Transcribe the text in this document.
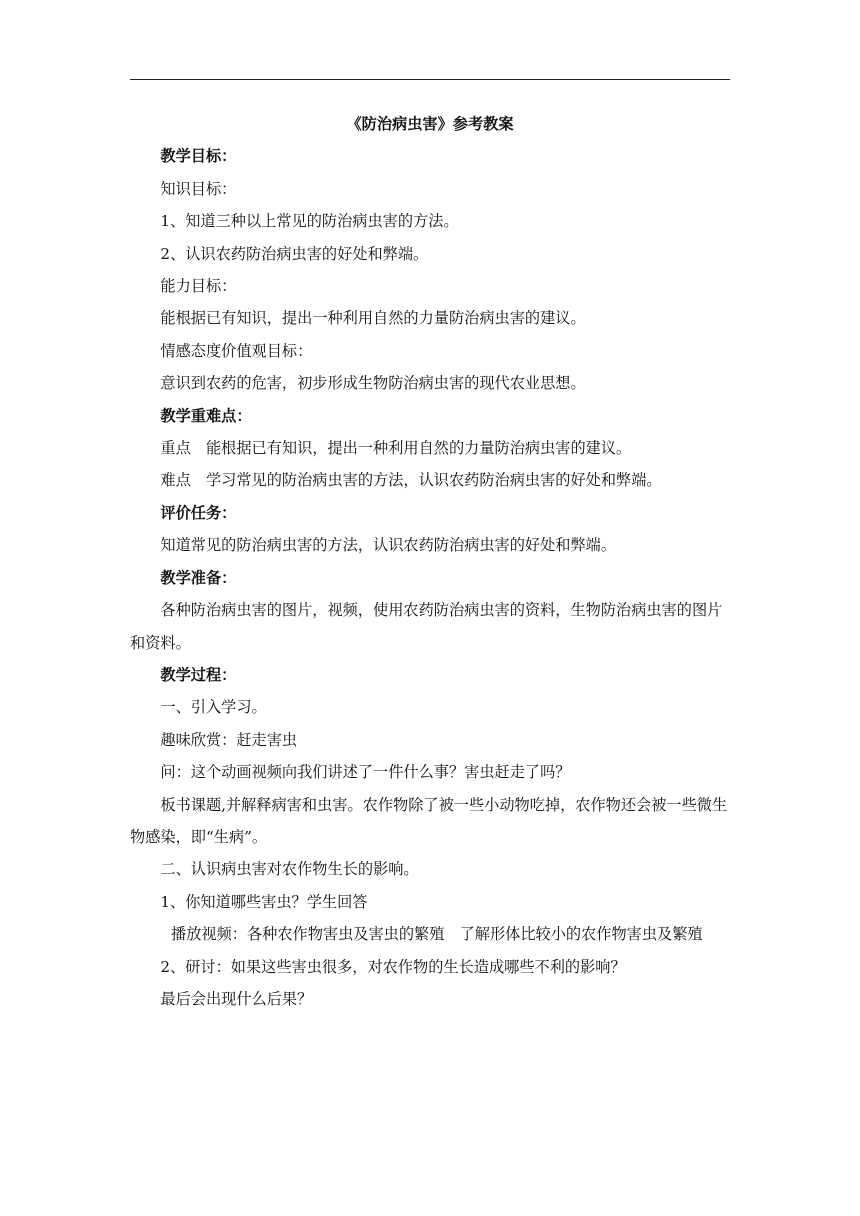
《防治病虫害》参考教案

教学目标：

知识目标：

1、知道三种以上常见的防治病虫害的方法。

2、认识农药防治病虫害的好处和弊端。

能力目标：

能根据已有知识，提出一种利用自然的力量防治病虫害的建议。

情感态度价值观目标：

意识到农药的危害，初步形成生物防治病虫害的现代农业思想。

教学重难点：

重点　能根据已有知识，提出一种利用自然的力量防治病虫害的建议。

难点　学习常见的防治病虫害的方法，认识农药防治病虫害的好处和弊端。

评价任务：

知道常见的防治病虫害的方法，认识农药防治病虫害的好处和弊端。

教学准备：

各种防治病虫害的图片，视频，使用农药防治病虫害的资料，生物防治病虫害的图片和资料。

教学过程：

一、引入学习。

趣味欣赏：赶走害虫

问：这个动画视频向我们讲述了一件什么事？害虫赶走了吗？

板书课题,并解释病害和虫害。农作物除了被一些小动物吃掉，农作物还会被一些微生物感染，即“生病”。

二、认识病虫害对农作物生长的影响。

1、你知道哪些害虫？学生回答

播放视频：各种农作物害虫及害虫的繁殖　了解形体比较小的农作物害虫及繁殖

2、研讨：如果这些害虫很多，对农作物的生长造成哪些不利的影响？

最后会出现什么后果？
